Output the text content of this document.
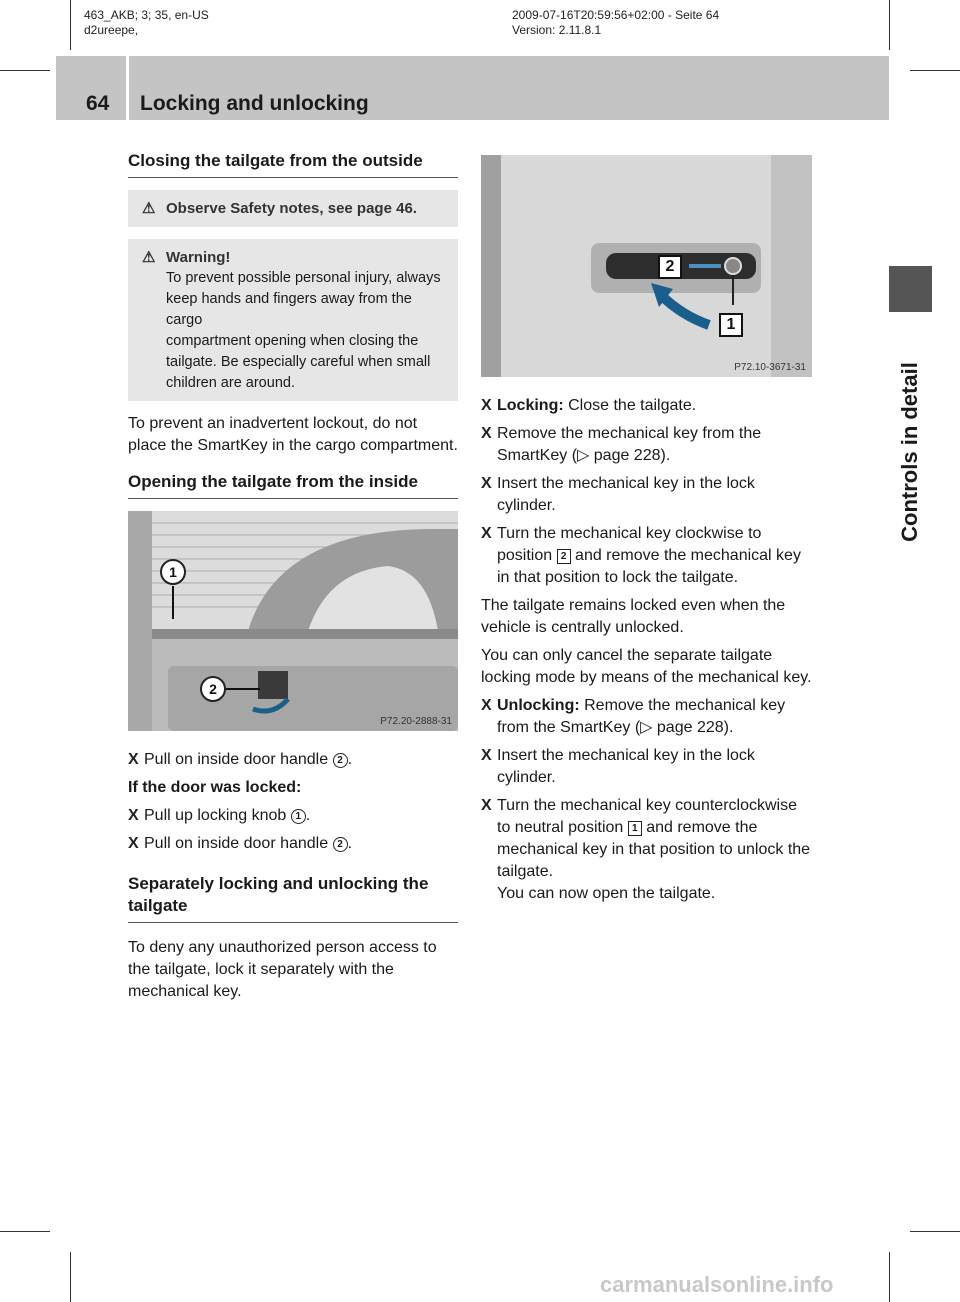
463_AKB; 3; 35, en-US
d2ureepe,
2009-07-16T20:59:56+02:00 - Seite 64
Version: 2.11.8.1
64 Locking and unlocking
Controls in detail
Closing the tailgate from the outside
⚠ Observe Safety notes, see page 46.
⚠ Warning!
To prevent possible personal injury, always
keep hands and fingers away from the cargo
compartment opening when closing the
tailgate. Be especially careful when small
children are around.
To prevent an inadvertent lockout, do not place the SmartKey in the cargo compartment.
Opening the tailgate from the inside
1
2
P72.20-2888-31
X Pull on inside door handle 2 .
If the door was locked:
X Pull up locking knob 1 .
X Pull on inside door handle 2 .
Separately locking and unlocking the tailgate
To deny any unauthorized person access to the tailgate, lock it separately with the mechanical key.
2
1
P72.10-3671-31
X Locking: Close the tailgate.
X Remove the mechanical key from the SmartKey (▷ page 228).
X Insert the mechanical key in the lock cylinder.
X Turn the mechanical key clockwise to position 2 and remove the mechanical key in that position to lock the tailgate.
The tailgate remains locked even when the vehicle is centrally unlocked.
You can only cancel the separate tailgate locking mode by means of the mechanical key.
X Unlocking: Remove the mechanical key from the SmartKey (▷ page 228).
X Insert the mechanical key in the lock cylinder.
X Turn the mechanical key counterclockwise to neutral position 1 and remove the mechanical key in that position to unlock the tailgate.
You can now open the tailgate.
carmanualsonline.info
